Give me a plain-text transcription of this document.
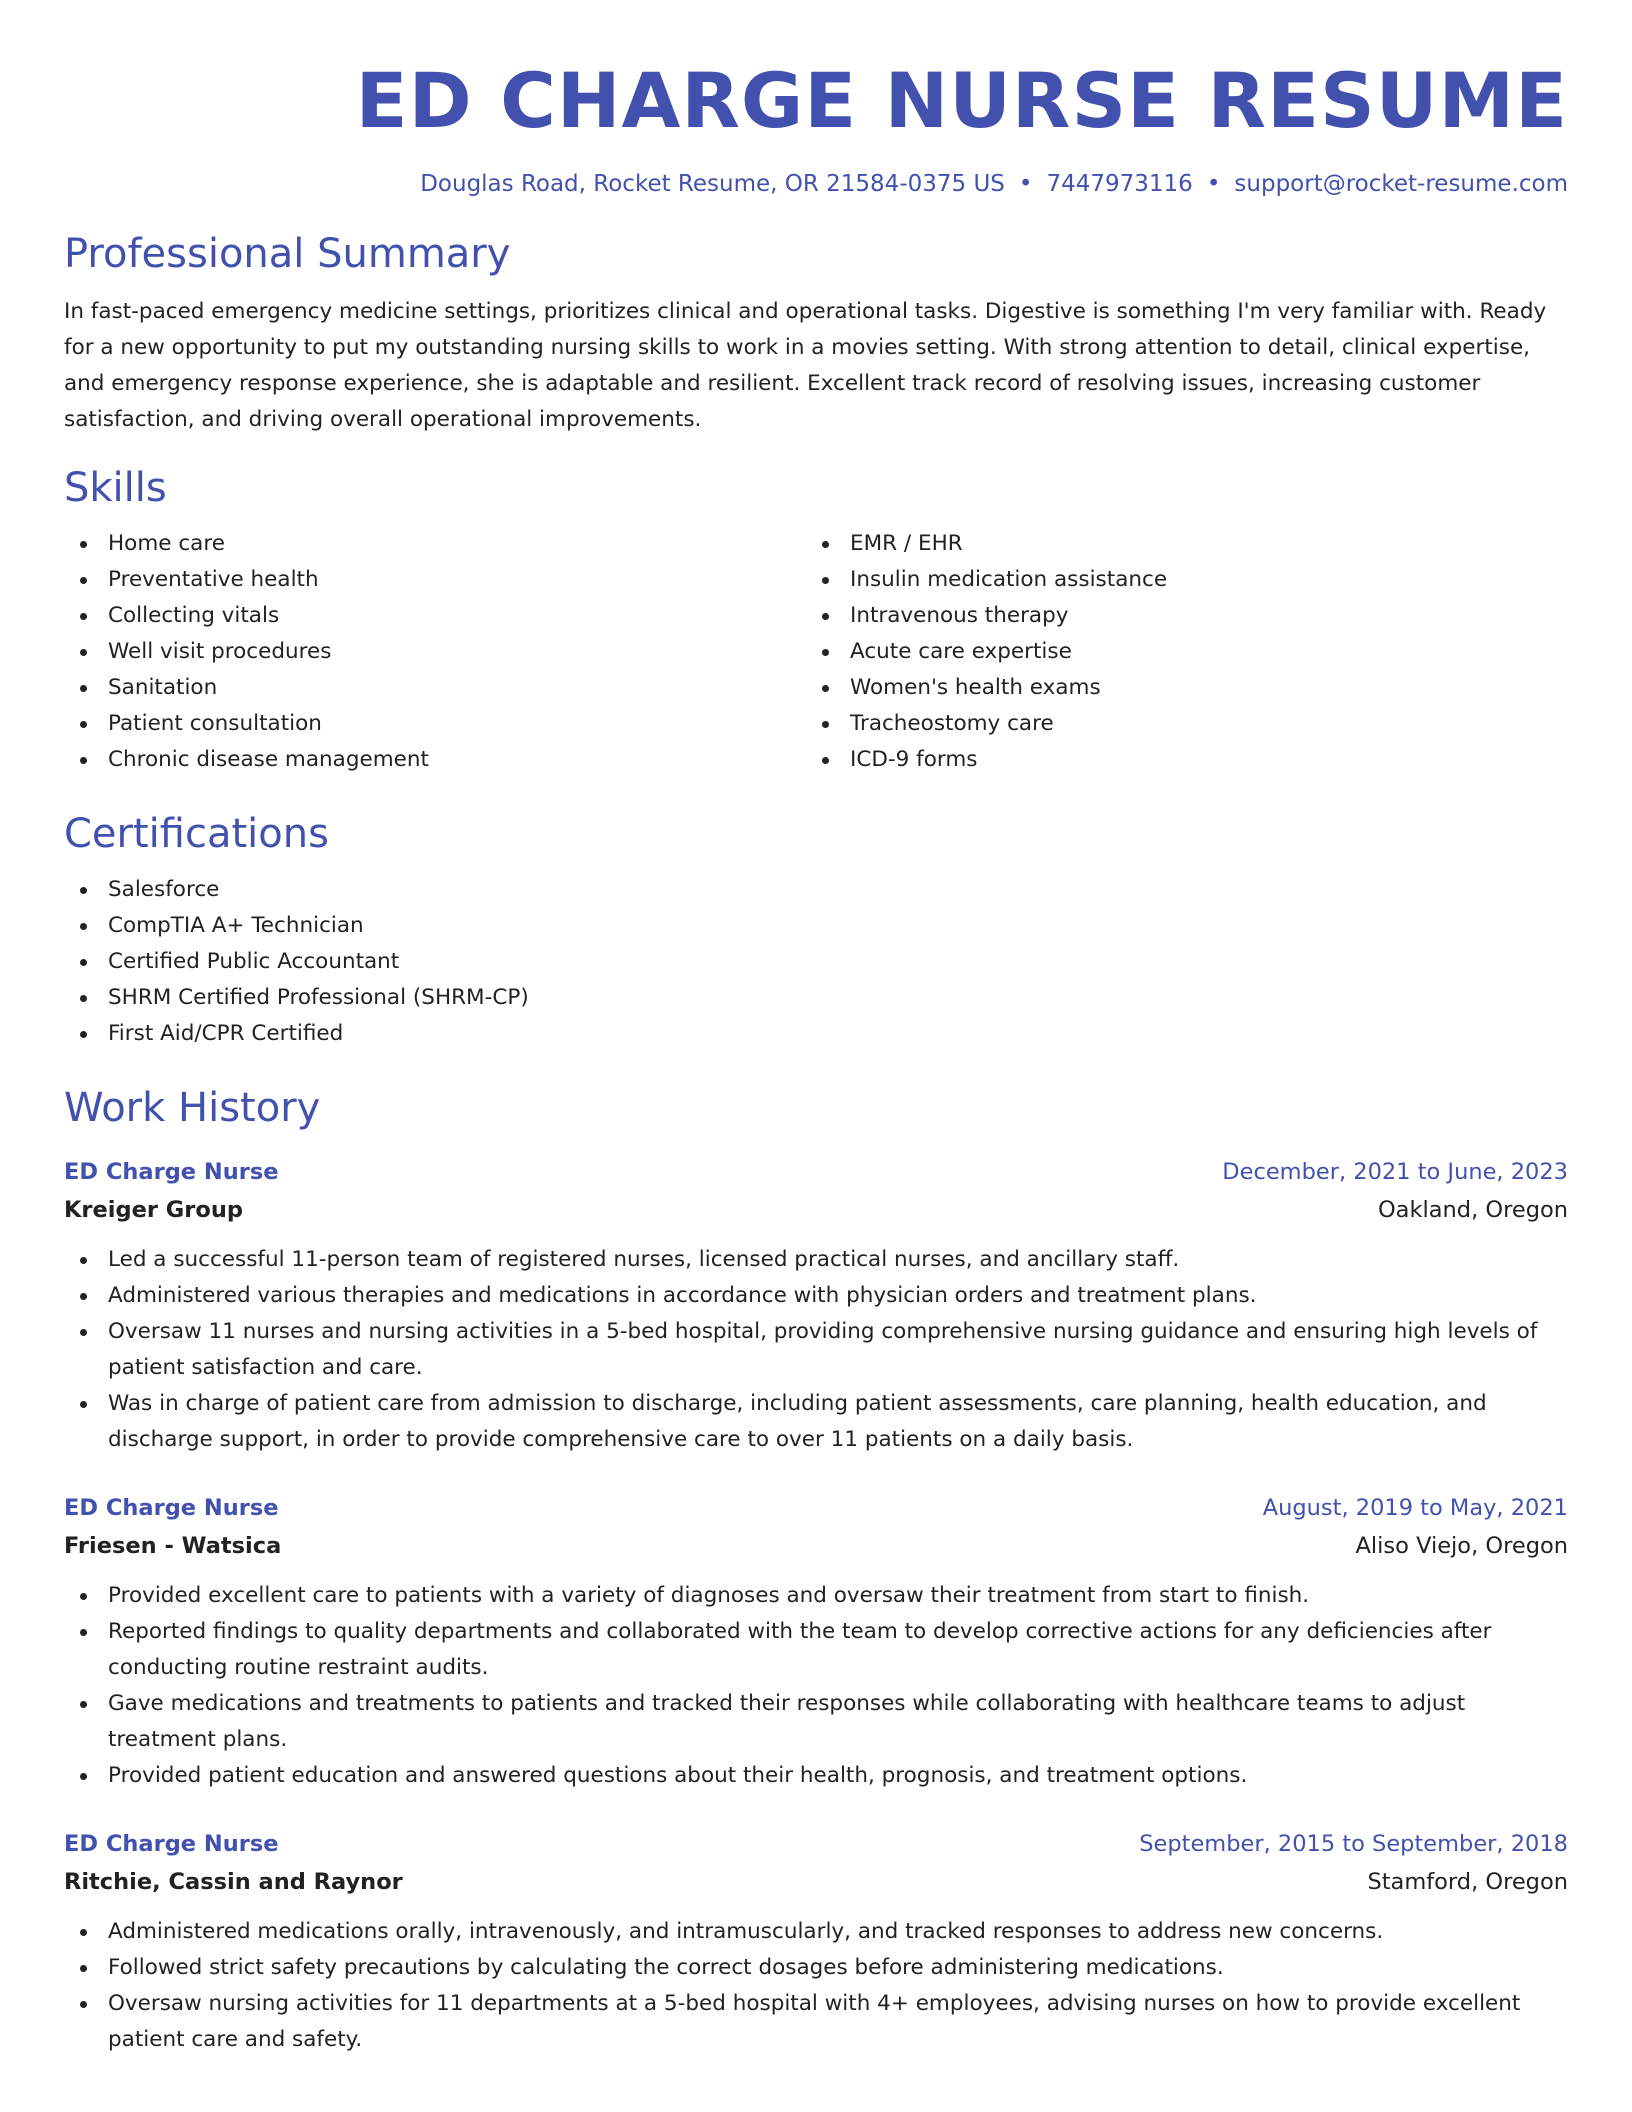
ED CHARGE NURSE RESUME
Douglas Road, Rocket Resume, OR 21584-0375 US • 7447973116 • support@rocket-resume.com
Professional Summary

In fast-paced emergency medicine settings, prioritizes clinical and operational tasks. Digestive is something I'm very familiar with. Ready for a new opportunity to put my outstanding nursing skills to work in a movies setting. With strong attention to detail, clinical expertise, and emergency response experience, she is adaptable and resilient. Excellent track record of resolving issues, increasing customer satisfaction, and driving overall operational improvements.

Skills
Home care
Preventative health
Collecting vitals
Well visit procedures
Sanitation
Patient consultation
Chronic disease management
EMR / EHR
Insulin medication assistance
Intravenous therapy
Acute care expertise
Women's health exams
Tracheostomy care
ICD-9 forms
Certifications
Salesforce
CompTIA A+ Technician
Certified Public Accountant
SHRM Certified Professional (SHRM-CP)
First Aid/CPR Certified
Work History
ED Charge Nurse	December, 2021 to June, 2023
Kreiger Group	Oakland, Oregon
Led a successful 11-person team of registered nurses, licensed practical nurses, and ancillary staff.
Administered various therapies and medications in accordance with physician orders and treatment plans.
Oversaw 11 nurses and nursing activities in a 5-bed hospital, providing comprehensive nursing guidance and ensuring high levels of patient satisfaction and care.
Was in charge of patient care from admission to discharge, including patient assessments, care planning, health education, and discharge support, in order to provide comprehensive care to over 11 patients on a daily basis.
ED Charge Nurse	August, 2019 to May, 2021
Friesen - Watsica	Aliso Viejo, Oregon
Provided excellent care to patients with a variety of diagnoses and oversaw their treatment from start to finish.
Reported findings to quality departments and collaborated with the team to develop corrective actions for any deficiencies after conducting routine restraint audits.
Gave medications and treatments to patients and tracked their responses while collaborating with healthcare teams to adjust treatment plans.
Provided patient education and answered questions about their health, prognosis, and treatment options.
ED Charge Nurse	September, 2015 to September, 2018
Ritchie, Cassin and Raynor	Stamford, Oregon
Administered medications orally, intravenously, and intramuscularly, and tracked responses to address new concerns.
Followed strict safety precautions by calculating the correct dosages before administering medications.
Oversaw nursing activities for 11 departments at a 5-bed hospital with 4+ employees, advising nurses on how to provide excellent patient care and safety.
